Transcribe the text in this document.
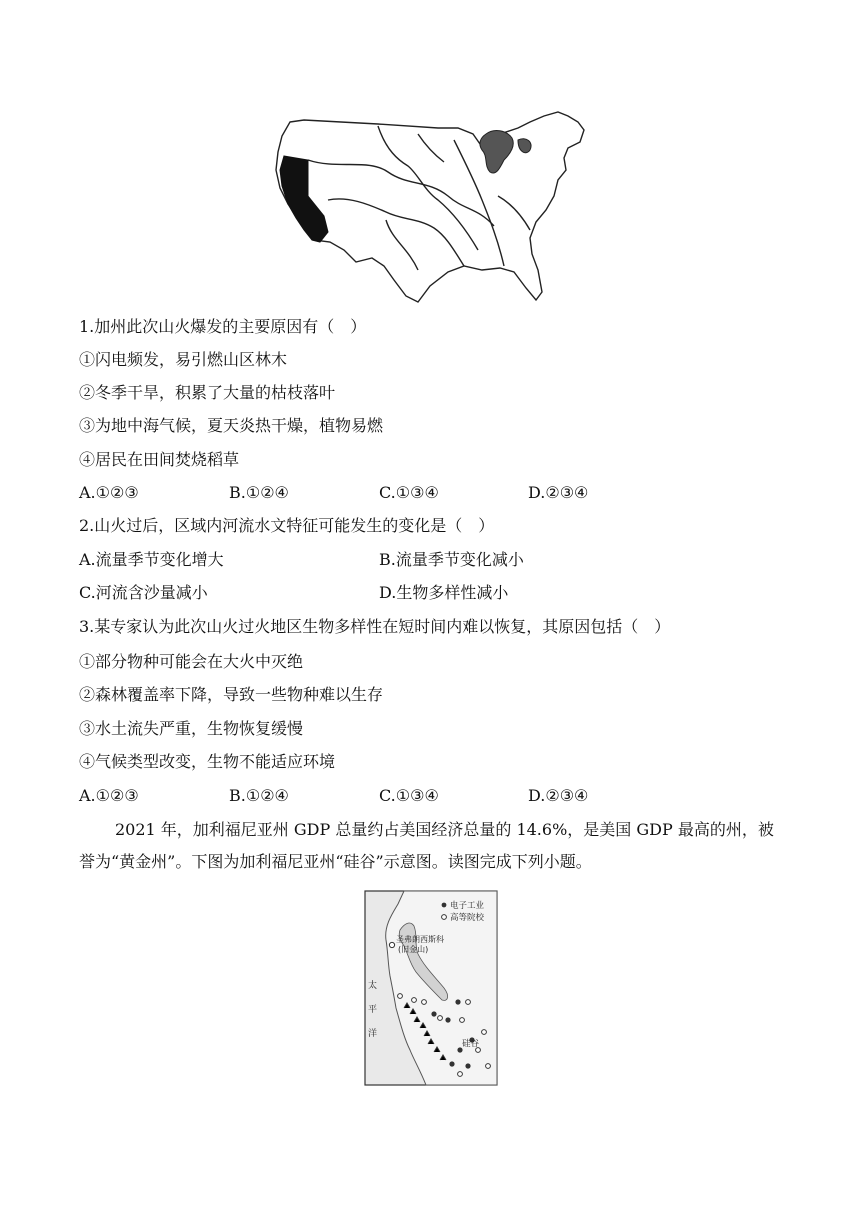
1.加州此次山火爆发的主要原因有（　）
①闪电频发，易引燃山区林木
②冬季干旱，积累了大量的枯枝落叶
③为地中海气候，夏天炎热干燥，植物易燃
④居民在田间焚烧稻草
A.①②③	B.①②④	C.①③④	D.②③④
2.山火过后，区域内河流水文特征可能发生的变化是（　）
A.流量季节变化增大	B.流量季节变化减小
C.河流含沙量减小	D.生物多样性减小
3.某专家认为此次山火过火地区生物多样性在短时间内难以恢复，其原因包括（　）
①部分物种可能会在大火中灭绝
②森林覆盖率下降，导致一些物种难以生存
③水土流失严重，生物恢复缓慢
④气候类型改变，生物不能适应环境
A.①②③	B.①②④	C.①③④	D.②③④
2021 年，加利福尼亚州 GDP 总量约占美国经济总量的 14.6%，是美国 GDP 最高的州，被誉为“黄金州”。下图为加利福尼亚州“硅谷”示意图。读图完成下列小题。
电子工业
高等院校
圣弗朗西斯科
(旧金山)
太
平
洋
硅谷
